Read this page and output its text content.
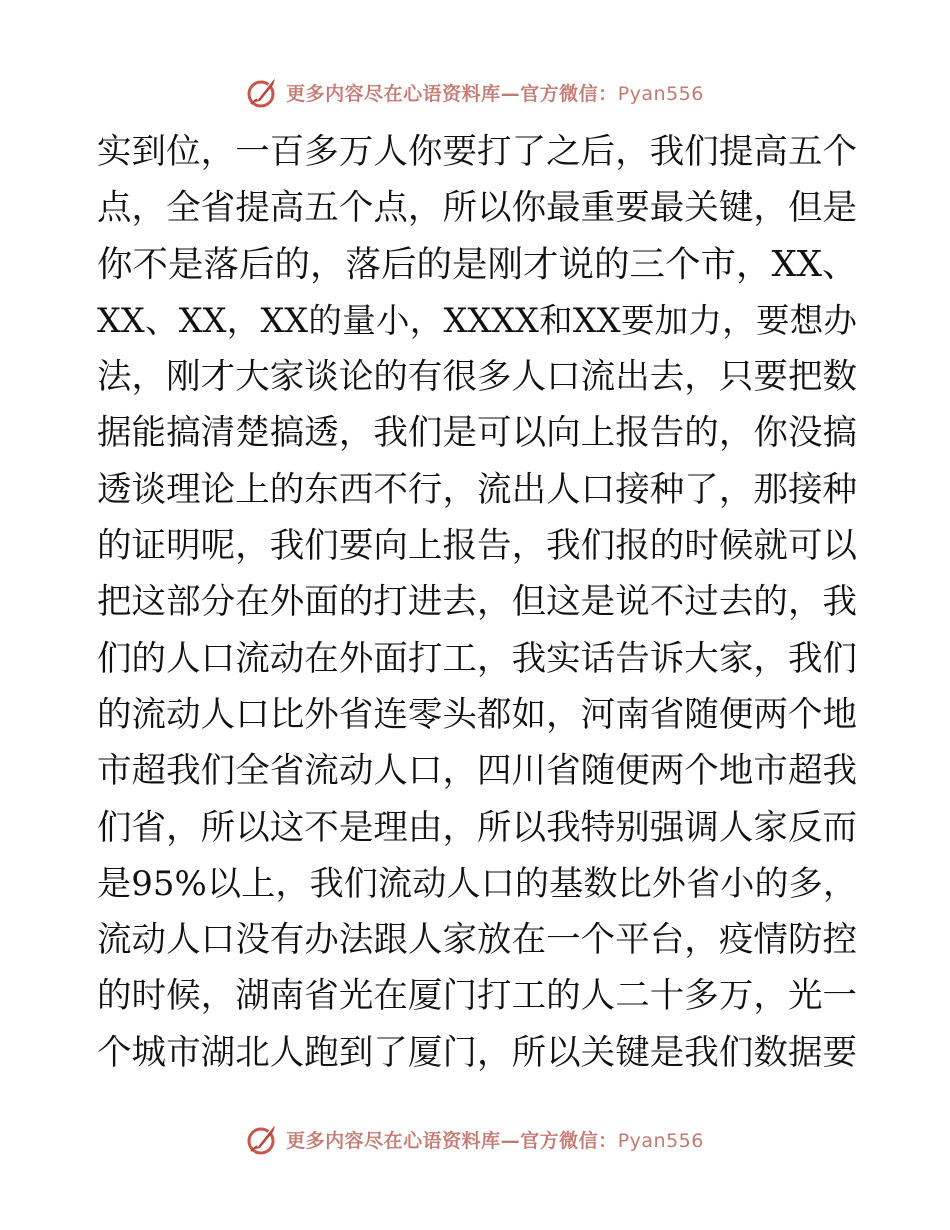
更多内容尽在心语资料库—官方微信：Pyan556
实到位，一百多万人你要打了之后，我们提高五个
点，全省提高五个点，所以你最重要最关键，但是
你不是落后的，落后的是刚才说的三个市，XX、
XX、XX，XX的量小，XXXX和XX要加力，要想办
法，刚才大家谈论的有很多人口流出去，只要把数
据能搞清楚搞透，我们是可以向上报告的，你没搞
透谈理论上的东西不行，流出人口接种了，那接种
的证明呢，我们要向上报告，我们报的时候就可以
把这部分在外面的打进去，但这是说不过去的，我
们的人口流动在外面打工，我实话告诉大家，我们
的流动人口比外省连零头都如，河南省随便两个地
市超我们全省流动人口，四川省随便两个地市超我
们省，所以这不是理由，所以我特别强调人家反而
是95%以上，我们流动人口的基数比外省小的多，
流动人口没有办法跟人家放在一个平台，疫情防控
的时候，湖南省光在厦门打工的人二十多万，光一
个城市湖北人跑到了厦门，所以关键是我们数据要
更多内容尽在心语资料库—官方微信：Pyan556
